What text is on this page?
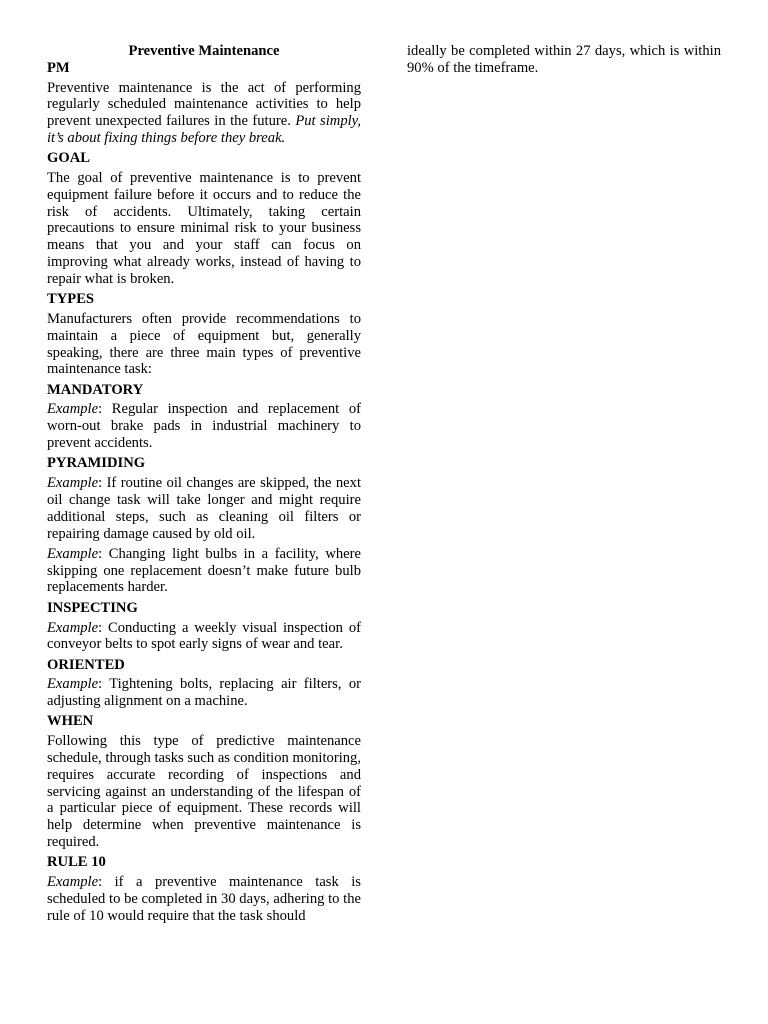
Preventive Maintenance
PM

Preventive maintenance is the act of performing regularly scheduled maintenance activities to help prevent unexpected failures in the future. Put simply, it’s about fixing things before they break.

GOAL

The goal of preventive maintenance is to prevent equipment failure before it occurs and to reduce the risk of accidents. Ultimately, taking certain precautions to ensure minimal risk to your business means that you and your staff can focus on improving what already works, instead of having to repair what is broken.

TYPES

Manufacturers often provide recommendations to maintain a piece of equipment but, generally speaking, there are three main types of preventive maintenance task:

MANDATORY

Example: Regular inspection and replacement of worn-out brake pads in industrial machinery to prevent accidents.

PYRAMIDING

Example: If routine oil changes are skipped, the next oil change task will take longer and might require additional steps, such as cleaning oil filters or repairing damage caused by old oil.

Example: Changing light bulbs in a facility, where skipping one replacement doesn’t make future bulb replacements harder.

INSPECTING

Example: Conducting a weekly visual inspection of conveyor belts to spot early signs of wear and tear.

ORIENTED

Example: Tightening bolts, replacing air filters, or adjusting alignment on a machine.

WHEN

Following this type of predictive maintenance schedule, through tasks such as condition monitoring, requires accurate recording of inspections and servicing against an understanding of the lifespan of a particular piece of equipment. These records will help determine when preventive maintenance is required.

RULE 10

Example: if a preventive maintenance task is scheduled to be completed in 30 days, adhering to the rule of 10 would require that the task should

ideally be completed within 27 days, which is within 90% of the timeframe.
